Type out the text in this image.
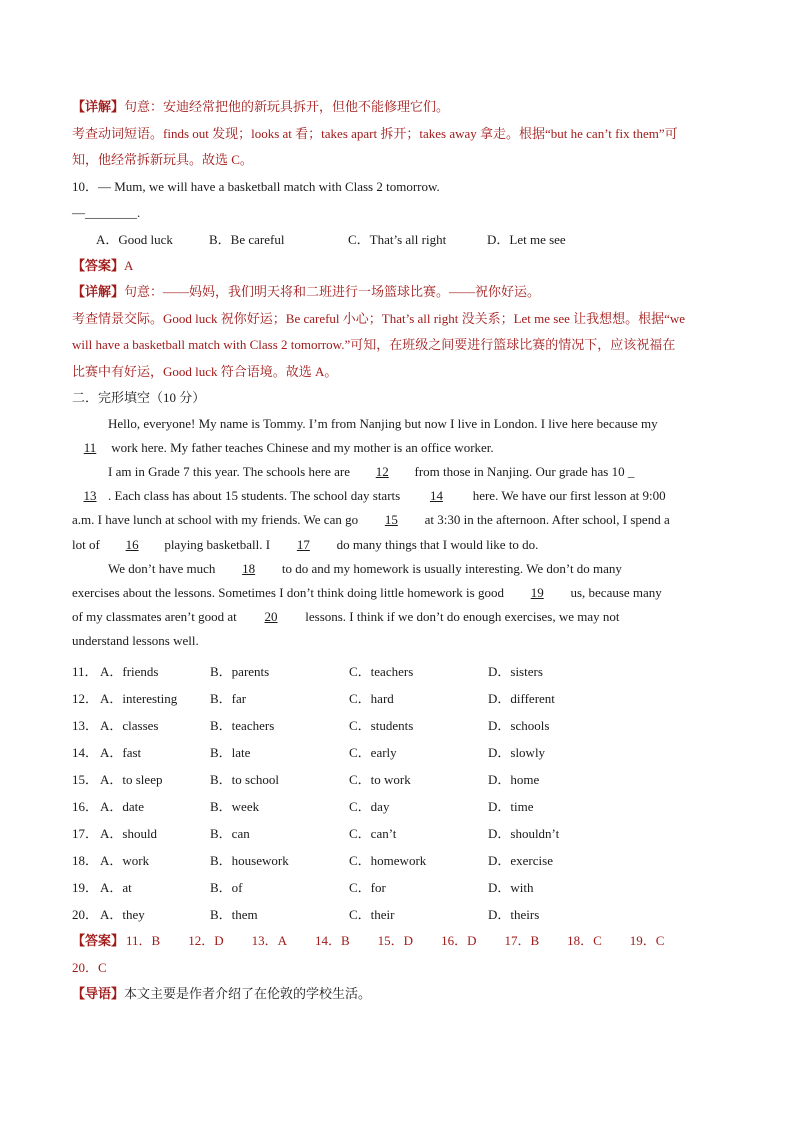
【详解】句意：安迪经常把他的新玩具拆开，但他不能修理它们。
考查动词短语。finds out 发现；looks at 看；takes apart 拆开；takes away 拿走。根据“but he can’t fix them”可
知，他经常拆新玩具。故选 C。
10．— Mum, we will have a basketball match with Class 2 tomorrow.
—________.
A．Good luck	B．Be careful	C．That’s all right	D．Let me see
【答案】A
【详解】句意：——妈妈，我们明天将和二班进行一场篮球比赛。——祝你好运。
考查情景交际。Good luck 祝你好运；Be careful 小心；That’s all right 没关系；Let me see 让我想想。根据“we
will have a basketball match with Class 2 tomorrow.”可知，在班级之间要进行篮球比赛的情况下，应该祝福在
比赛中有好运，Good luck 符合语境。故选 A。
二．完形填空（10 分）
Hello, everyone! My name is Tommy. I’m from Nanjing but now I live in London. I live here because my
11 work here. My father teaches Chinese and my mother is an office worker.
I am in Grade 7 this year. The schools here are 12 from those in Nanjing. Our grade has 10 _
13 . Each class has about 15 students. The school day starts 14 here. We have our first lesson at 9:00
a.m. I have lunch at school with my friends. We can go 15 at 3:30 in the afternoon. After school, I spend a
lot of 16 playing basketball. I 17 do many things that I would like to do.
We don’t have much 18 to do and my homework is usually interesting. We don’t do many
exercises about the lessons. Sometimes I don’t think doing little homework is good 19 us, because many
of my classmates aren’t good at 20 lessons. I think if we don’t do enough exercises, we may not
understand lessons well.
11． A．friends	B．parents	C．teachers	D．sisters
12． A．interesting	B．far	C．hard	D．different
13． A．classes	B．teachers	C．students	D．schools
14． A．fast	B．late	C．early	D．slowly
15． A．to sleep	B．to school	C．to work	D．home
16． A．date	B．week	C．day	D．time
17． A．should	B．can	C．can’t	D．shouldn’t
18． A．work	B．housework	C．homework	D．exercise
19． A．at	B．of	C．for	D．with
20． A．they	B．them	C．their	D．theirs
【答案】 11．B 12．D 13．A 14．B 15．D 16．D 17．B 18．C 19．C
20．C
【导语】本文主要是作者介绍了在伦敦的学校生活。
